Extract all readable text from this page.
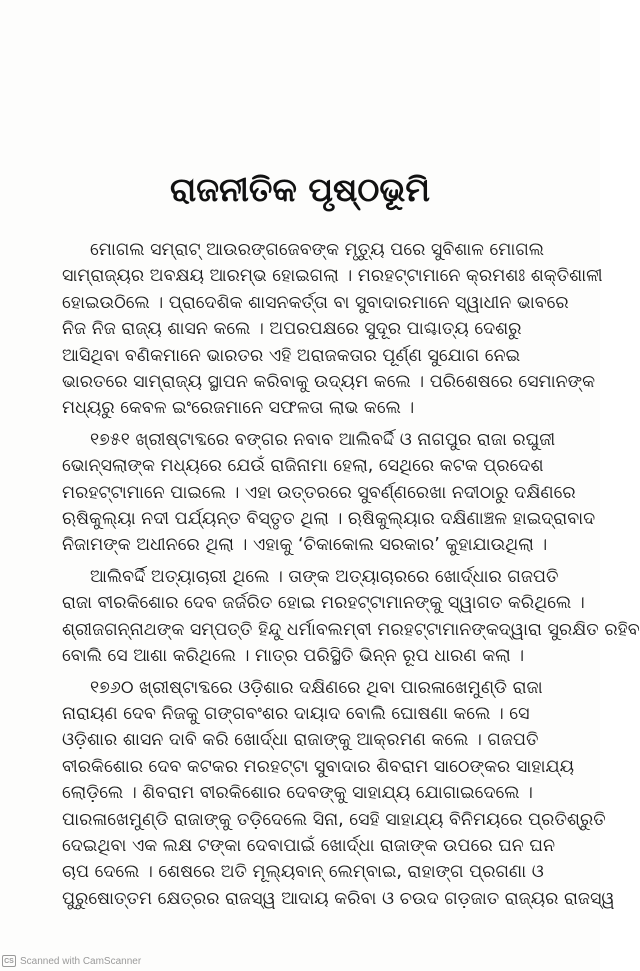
ରାଜନୀତିକ ପୃଷ୍ଠଭୂମି
ମୋଗଲ ସମ୍ରାଟ୍ ଆଉରଙ୍ଗଜେବଙ୍କ ମୃତ୍ୟୁ ପରେ ସୁବିଶାଳ ମୋଗଲ
ସାମ୍ରାଜ୍ୟର ଅବକ୍ଷୟ ଆରମ୍ଭ ହୋଇଗଲା । ମରହଟ୍ଟାମାନେ କ୍ରମଶଃ ଶକ୍ତିଶାଳୀ
ହୋଇଉଠିଲେ । ପ୍ରାଦେଶିକ ଶାସନକର୍ତ୍ତା ବା ସୁବାଦାରମାନେ ସ୍ୱାଧୀନ ଭାବରେ
ନିଜ ନିଜ ରାଜ୍ୟ ଶାସନ କଲେ । ଅପରପକ୍ଷରେ ସୁଦୂର ପାଶ୍ଚାତ୍ୟ ଦେଶରୁ
ଆସିଥିବା ବଣିକମାନେ ଭାରତର ଏହି ଅରାଜକତାର ପୂର୍ଣ୍ଣ ସୁଯୋଗ ନେଇ
ଭାରତରେ ସାମ୍ରାଜ୍ୟ ସ୍ଥାପନ କରିବାକୁ ଉଦ୍ୟମ କଲେ । ପରିଶେଷରେ ସେମାନଙ୍କ
ମଧ୍ୟରୁ କେବଳ ଇଂରେଜମାନେ ସଫଳତା ଲାଭ କଲେ ।
୧୭୫୧ ଖ୍ରୀଷ୍ଟାବ୍ଦରେ ବଙ୍ଗର ନବାବ ଆଲିବର୍ଦ୍ଦି ଓ ନାଗପୁର ରାଜା ରଘୁଜୀ
ଭୋନ୍ସଲାଙ୍କ ମଧ୍ୟରେ ଯେଉଁ ରାଜିନାମା ହେଲା, ସେଥିରେ କଟକ ପ୍ରଦେଶ
ମରହଟ୍ଟାମାନେ ପାଇଲେ । ଏହା ଉତ୍ତରରେ ସୁବର୍ଣ୍ଣରେଖା ନଦୀଠାରୁ ଦକ୍ଷିଣରେ
ଋଷିକୁଲ୍ୟା ନଦୀ ପର୍ଯ୍ୟନ୍ତ ବିସ୍ତୃତ ଥିଲା । ଋଷିକୁଲ୍ୟାର ଦକ୍ଷିଣାଞ୍ଚଳ ହାଇଦ୍ରାବାଦ
ନିଜାମଙ୍କ ଅଧୀନରେ ଥିଲା । ଏହାକୁ ‘ଚିକାକୋଲ ସରକାର’ କୁହାଯାଉଥିଲା ।
ଆଲିବର୍ଦ୍ଦି ଅତ୍ୟାଚାରୀ ଥିଲେ । ତାଙ୍କ ଅତ୍ୟାଚାରରେ ଖୋର୍ଦ୍ଧାର ଗଜପତି
ରାଜା ବୀରକିଶୋର ଦେବ ଜର୍ଜରିତ ହୋଇ ମରହଟ୍ଟାମାନଙ୍କୁ ସ୍ୱାଗତ କରିଥିଲେ ।
ଶ୍ରୀଜଗନ୍ନାଥଙ୍କ ସମ୍ପତ୍ତି ହିନ୍ଦୁ ଧର୍ମାବଲମ୍ବୀ ମରହଟ୍ଟାମାନଙ୍କଦ୍ୱାରା ସୁରକ୍ଷିତ ରହିବ
ବୋଲି ସେ ଆଶା କରିଥିଲେ । ମାତ୍ର ପରିସ୍ଥିତି ଭିନ୍ନ ରୂପ ଧାରଣ କଲା ।
୧୭୬୦ ଖ୍ରୀଷ୍ଟାବ୍ଦରେ ଓଡ଼ିଶାର ଦକ୍ଷିଣରେ ଥିବା ପାରଳାଖେମୁଣ୍ଡି ରାଜା
ନାରାୟଣ ଦେବ ନିଜକୁ ଗଙ୍ଗବଂଶର ଦାୟାଦ ବୋଲି ଘୋଷଣା କଲେ । ସେ
ଓଡ଼ିଶାର ଶାସନ ଦାବି କରି ଖୋର୍ଦ୍ଧା ରାଜାଙ୍କୁ ଆକ୍ରମଣ କଲେ । ଗଜପତି
ବୀରକିଶୋର ଦେବ କଟକର ମରହଟ୍ଟା ସୁବାଦାର ଶିବରାମ ସାଠେଙ୍କର ସାହାଯ୍ୟ
ଲୋଡ଼ିଲେ । ଶିବରାମ ବୀରକିଶୋର ଦେବଙ୍କୁ ସାହାଯ୍ୟ ଯୋଗାଇଦେଲେ ।
ପାରଳାଖେମୁଣ୍ଡି ରାଜାଙ୍କୁ ତଡ଼ିଦେଲେ ସିନା, ସେହି ସାହାଯ୍ୟ ବିନିମୟରେ ପ୍ରତିଶ୍ରୁତି
ଦେଇଥିବା ଏକ ଲକ୍ଷ ଟଙ୍କା ଦେବାପାଇଁ ଖୋର୍ଦ୍ଧା ରାଜାଙ୍କ ଉପରେ ଘନ ଘନ
ଚାପ ଦେଲେ । ଶେଷରେ ଅତି ମୂଲ୍ୟବାନ୍ ଲେମ୍ବାଇ, ରାହାଙ୍ଗ ପ୍ରଗଣା ଓ
ପୁରୁଷୋତ୍ତମ କ୍ଷେତ୍ରର ରାଜସ୍ୱ ଆଦାୟ କରିବା ଓ ଚଉଦ ଗଡ଼ଜାତ ରାଜ୍ୟର ରାଜସ୍ୱ
CS Scanned with CamScanner
